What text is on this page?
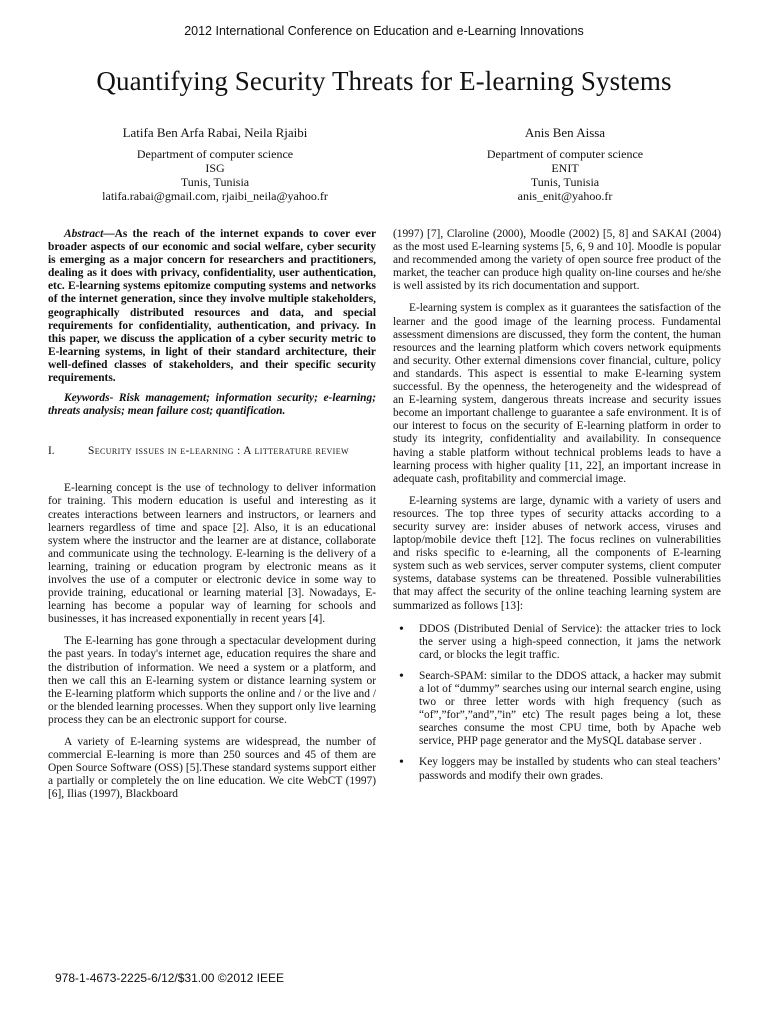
2012 International Conference on Education and e-Learning Innovations
Quantifying Security Threats for E-learning Systems
Latifa Ben Arfa Rabai, Neila Rjaibi
Department of computer science
ISG
Tunis, Tunisia
latifa.rabai@gmail.com, rjaibi_neila@yahoo.fr
Anis Ben Aissa
Department of computer science
ENIT
Tunis, Tunisia
anis_enit@yahoo.fr

Abstract—As the reach of the internet expands to cover ever broader aspects of our economic and social welfare, cyber security is emerging as a major concern for researchers and practitioners, dealing as it does with privacy, confidentiality, user authentication, etc. E-learning systems epitomize computing systems and networks of the internet generation, since they involve multiple stakeholders, geographically distributed resources and data, and special requirements for confidentiality, authentication, and privacy. In this paper, we discuss the application of a cyber security metric to E-learning systems, in light of their standard architecture, their well-defined classes of stakeholders, and their specific security requirements.

Keywords- Risk management; information security; e-learning; threats analysis; mean failure cost; quantification.

I.	Security issues in e-learning : A litterature review

E-learning concept is the use of technology to deliver information for training. This modern education is useful and interesting as it creates interactions between learners and instructors, or learners and learners regardless of time and space [2]. Also, it is an educational system where the instructor and the learner are at distance, collaborate and communicate using the technology. E-learning is the delivery of a learning, training or education program by electronic means as it involves the use of a computer or electronic device in some way to provide training, educational or learning material [3]. Nowadays, E-learning has become a popular way of learning for schools and businesses, it has increased exponentially in recent years [4].

The E-learning has gone through a spectacular development during the past years. In today's internet age, education requires the share and the distribution of information. We need a system or a platform, and then we call this an E-learning system or distance learning system or the E-learning platform which supports the online and / or the live and / or the blended learning processes. When they support only live learning process they can be an electronic support for course.

A variety of E-learning systems are widespread, the number of commercial E-learning is more than 250 sources and 45 of them are Open Source Software (OSS) [5].These standard systems support either a partially or completely the on line education. We cite WebCT (1997) [6], Ilias (1997), Blackboard

(1997) [7], Claroline (2000), Moodle (2002) [5, 8] and SAKAI (2004) as the most used E-learning systems [5, 6, 9 and 10]. Moodle is popular and recommended among the variety of open source free product of the market, the teacher can produce high quality on-line courses and he/she is well assisted by its rich documentation and support.

E-learning system is complex as it guarantees the satisfaction of the learner and the good image of the learning process. Fundamental assessment dimensions are discussed, they form the content, the human resources and the learning platform which covers network equipments and security. Other external dimensions cover financial, culture, policy and standards. This aspect is essential to make E-learning system successful. By the openness, the heterogeneity and the widespread of an E-learning system, dangerous threats increase and security issues become an important challenge to guarantee a safe environment. It is of our interest to focus on the security of E-learning platform in order to study its integrity, confidentiality and availability. In consequence having a stable platform without technical problems leads to have a learning process with higher quality [11, 22], an important increase in adequate cash, profitability and commercial image.

E-learning systems are large, dynamic with a variety of users and resources. The top three types of security attacks according to a security survey are: insider abuses of network access, viruses and laptop/mobile device theft [12]. The focus reclines on vulnerabilities and risks specific to e-learning, all the components of E-learning system such as web services, server computer systems, client computer systems, database systems can be threatened. Possible vulnerabilities that may affect the security of the online teaching learning system are summarized as follows [13]:

• DDOS (Distributed Denial of Service): the attacker tries to lock the server using a high-speed connection, it jams the network card, or blocks the legit traffic.
• Search-SPAM: similar to the DDOS attack, a hacker may submit a lot of “dummy” searches using our internal search engine, using two or three letter words with high frequency (such as “of”,”for”,”and”,”in” etc) The result pages being a lot, these searches consume the most CPU time, both by Apache web service, PHP page generator and the MySQL database server .
• Key loggers may be installed by students who can steal teachers’ passwords and modify their own grades.
978-1-4673-2225-6/12/$31.00 ©2012 IEEE
